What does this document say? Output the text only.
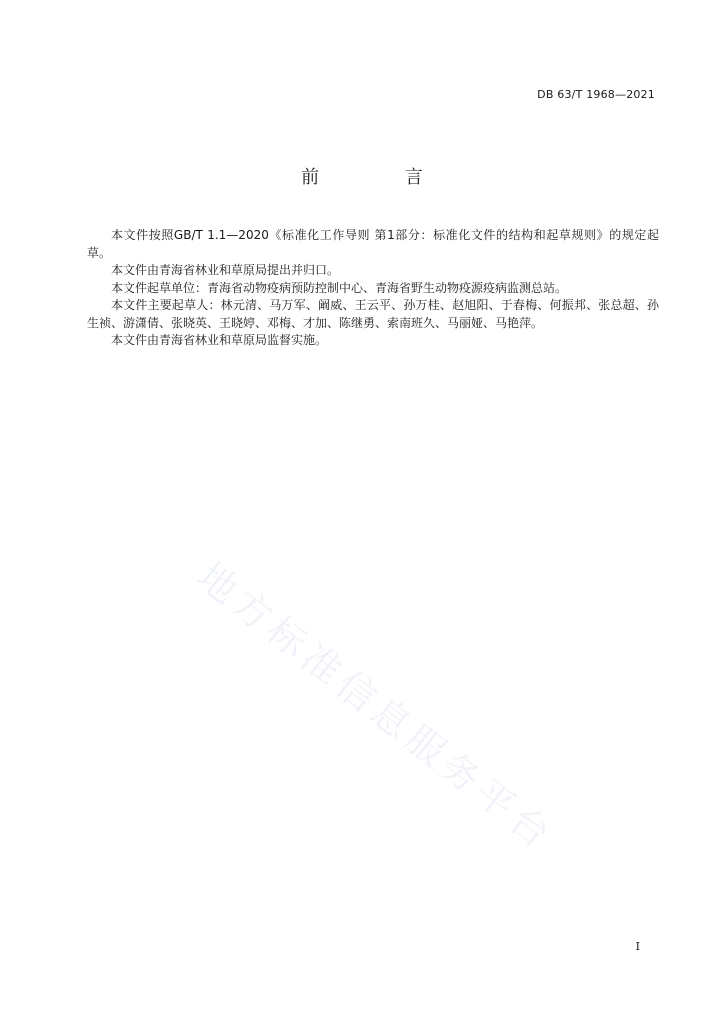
DB 63/T 1968—2021
前 言

本文件按照GB/T 1.1—2020《标准化工作导则 第1部分：标准化文件的结构和起草规则》的规定起草。

本文件由青海省林业和草原局提出并归口。

本文件起草单位：青海省动物疫病预防控制中心、青海省野生动物疫源疫病监测总站。

本文件主要起草人：林元清、马万军、阚威、王云平、孙万桂、赵旭阳、于春梅、何振邦、张总超、孙生祯、游潇倩、张晓英、王晓婷、邓梅、才加、陈继勇、索南班久、马丽娅、马艳萍。

本文件由青海省林业和草原局监督实施。

地方标准信息服务平台
I
